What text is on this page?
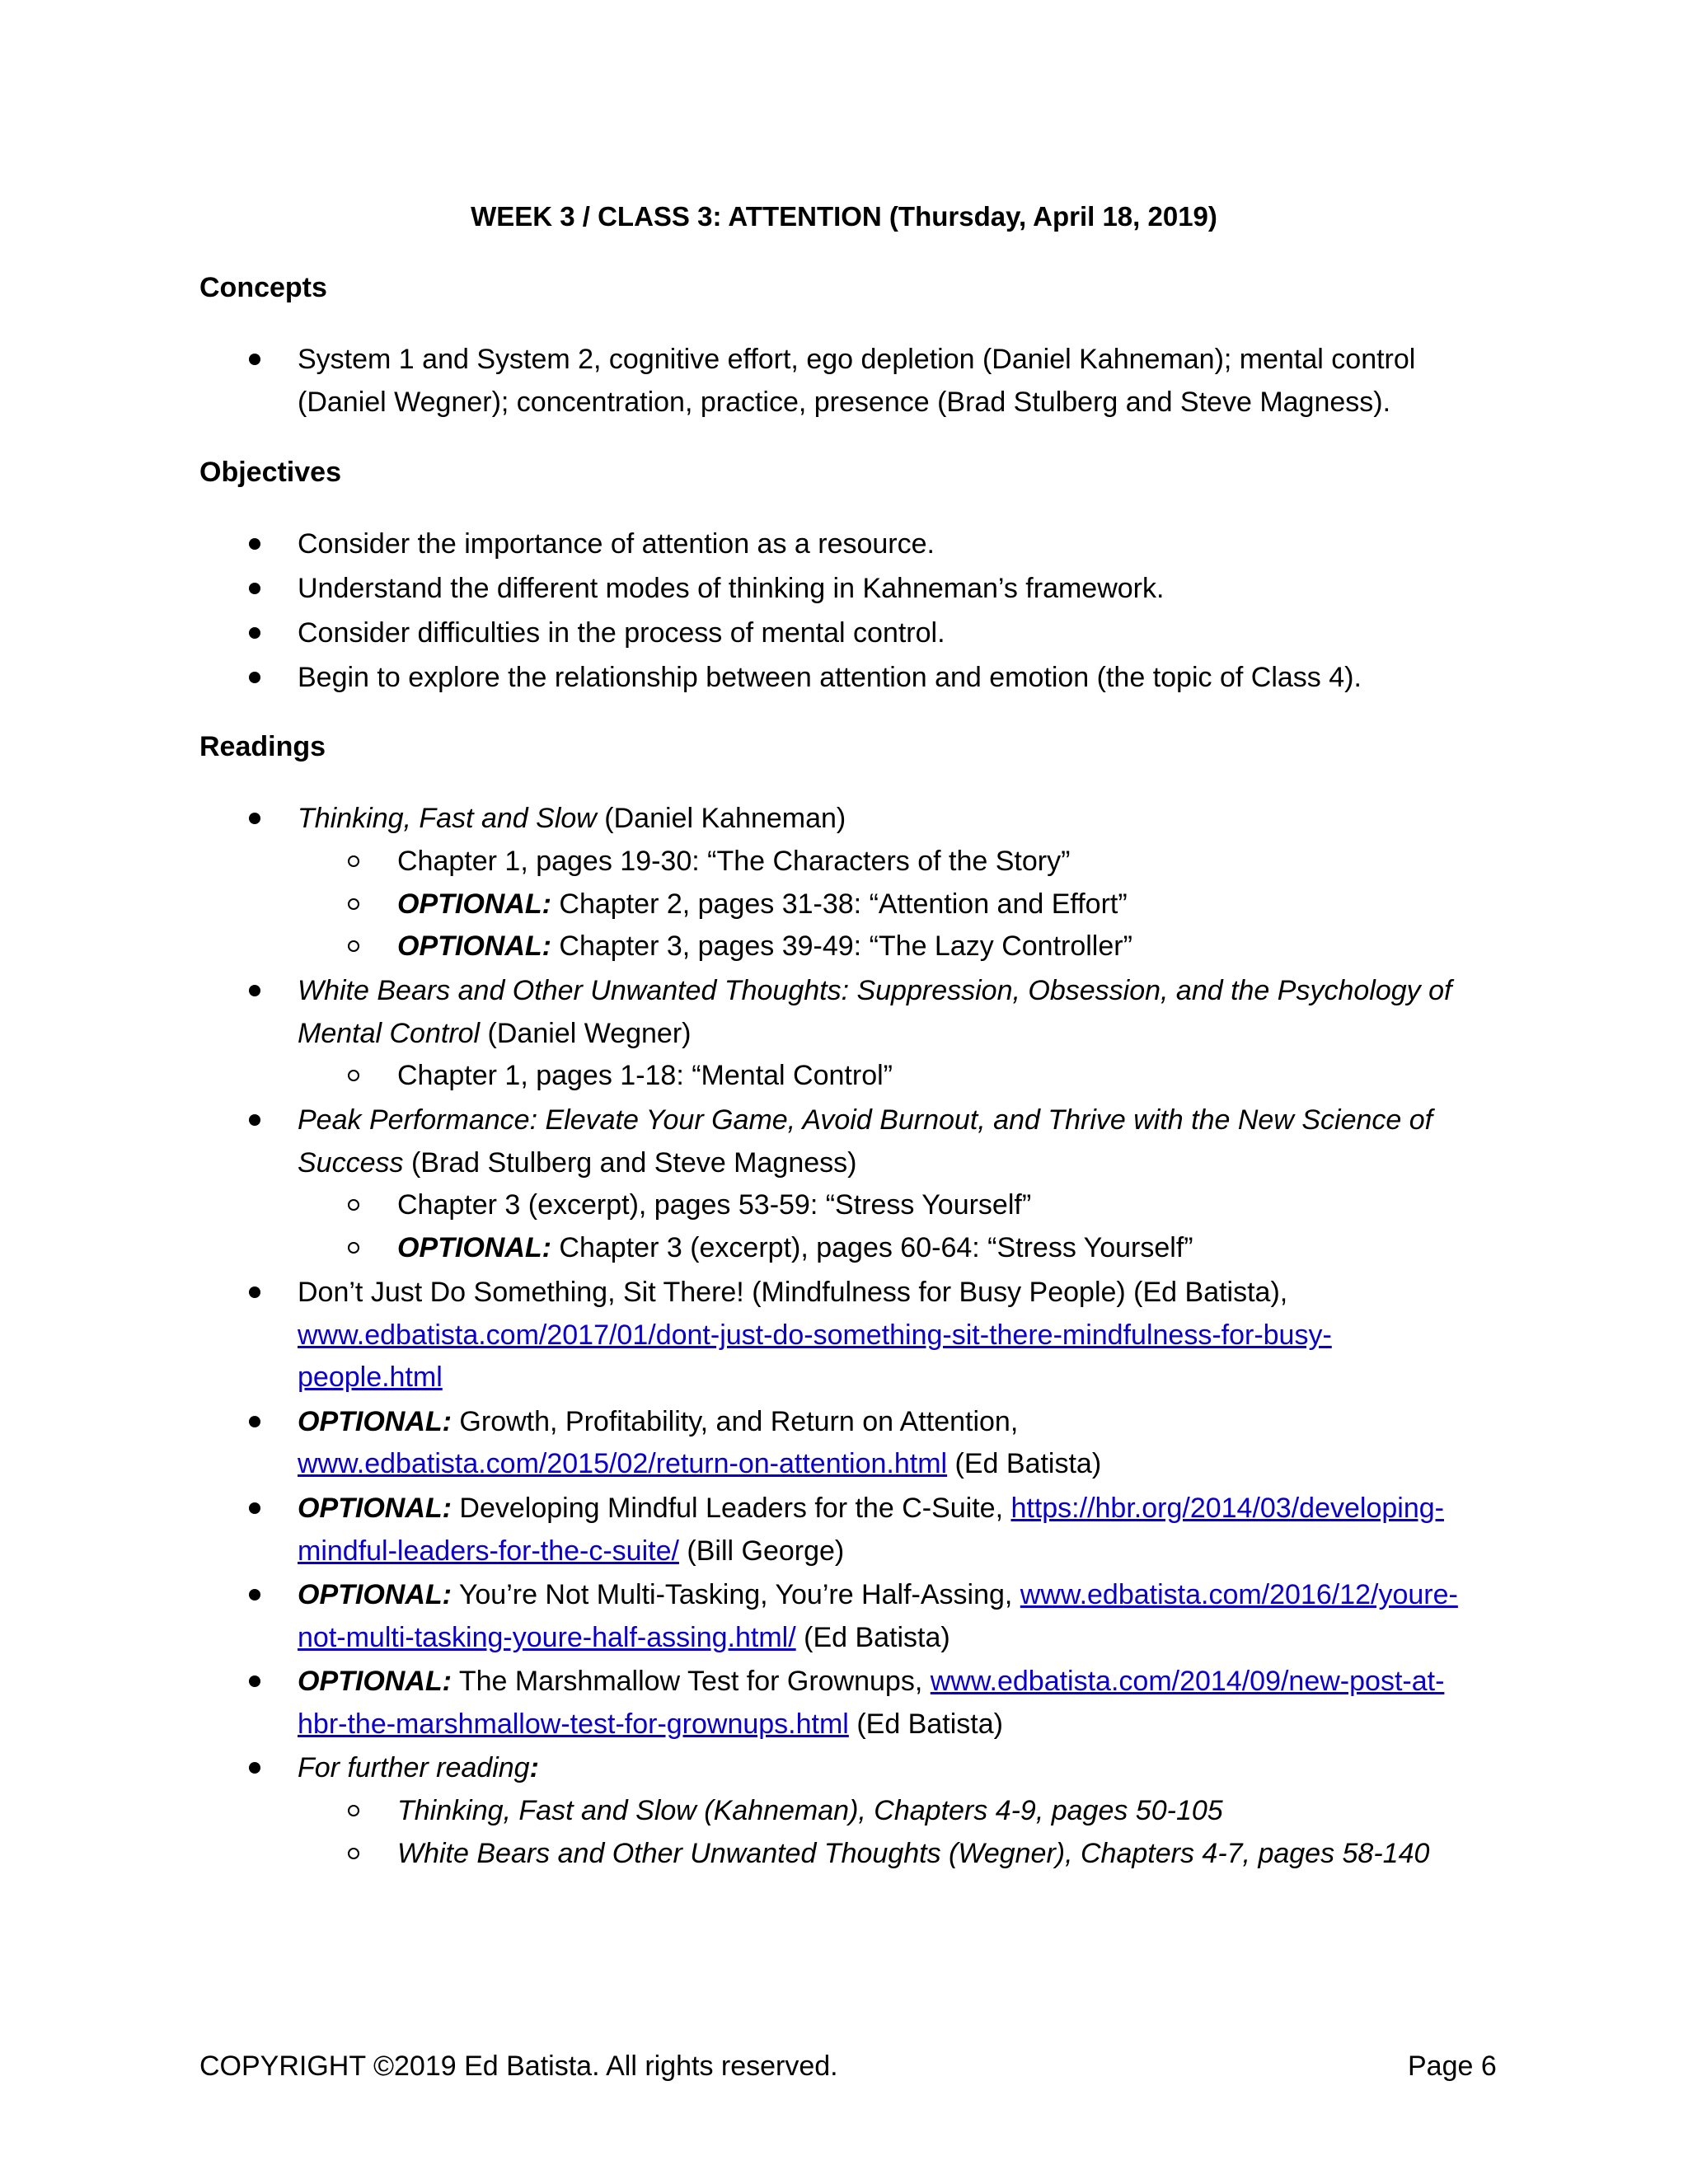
WEEK 3 / CLASS 3: ATTENTION (Thursday, April 18, 2019)
Concepts
System 1 and System 2, cognitive effort, ego depletion (Daniel Kahneman); mental control
(Daniel Wegner); concentration, practice, presence (Brad Stulberg and Steve Magness).
Objectives
Consider the importance of attention as a resource.
Understand the different modes of thinking in Kahneman’s framework.
Consider difficulties in the process of mental control.
Begin to explore the relationship between attention and emotion (the topic of Class 4).
Readings
Thinking, Fast and Slow (Daniel Kahneman)
Chapter 1, pages 19-30: “The Characters of the Story”
OPTIONAL: Chapter 2, pages 31-38: “Attention and Effort”
OPTIONAL: Chapter 3, pages 39-49: “The Lazy Controller”
White Bears and Other Unwanted Thoughts: Suppression, Obsession, and the Psychology of
Mental Control (Daniel Wegner)
Chapter 1, pages 1-18: “Mental Control”
Peak Performance: Elevate Your Game, Avoid Burnout, and Thrive with the New Science of
Success (Brad Stulberg and Steve Magness)
Chapter 3 (excerpt), pages 53-59: “Stress Yourself”
OPTIONAL: Chapter 3 (excerpt), pages 60-64: “Stress Yourself”
Don’t Just Do Something, Sit There! (Mindfulness for Busy People) (Ed Batista),
www.edbatista.com/2017/01/dont-just-do-something-sit-there-mindfulness-for-busy-
people.html
OPTIONAL: Growth, Profitability, and Return on Attention,
www.edbatista.com/2015/02/return-on-attention.html (Ed Batista)
OPTIONAL: Developing Mindful Leaders for the C-Suite, https://hbr.org/2014/03/developing-
mindful-leaders-for-the-c-suite/ (Bill George)
OPTIONAL: You’re Not Multi-Tasking, You’re Half-Assing, www.edbatista.com/2016/12/youre-
not-multi-tasking-youre-half-assing.html/ (Ed Batista)
OPTIONAL: The Marshmallow Test for Grownups, www.edbatista.com/2014/09/new-post-at-
hbr-the-marshmallow-test-for-grownups.html (Ed Batista)
For further reading:
Thinking, Fast and Slow (Kahneman), Chapters 4-9, pages 50-105
White Bears and Other Unwanted Thoughts (Wegner), Chapters 4-7, pages 58-140
COPYRIGHT ©2019 Ed Batista. All rights reserved.	Page 6
